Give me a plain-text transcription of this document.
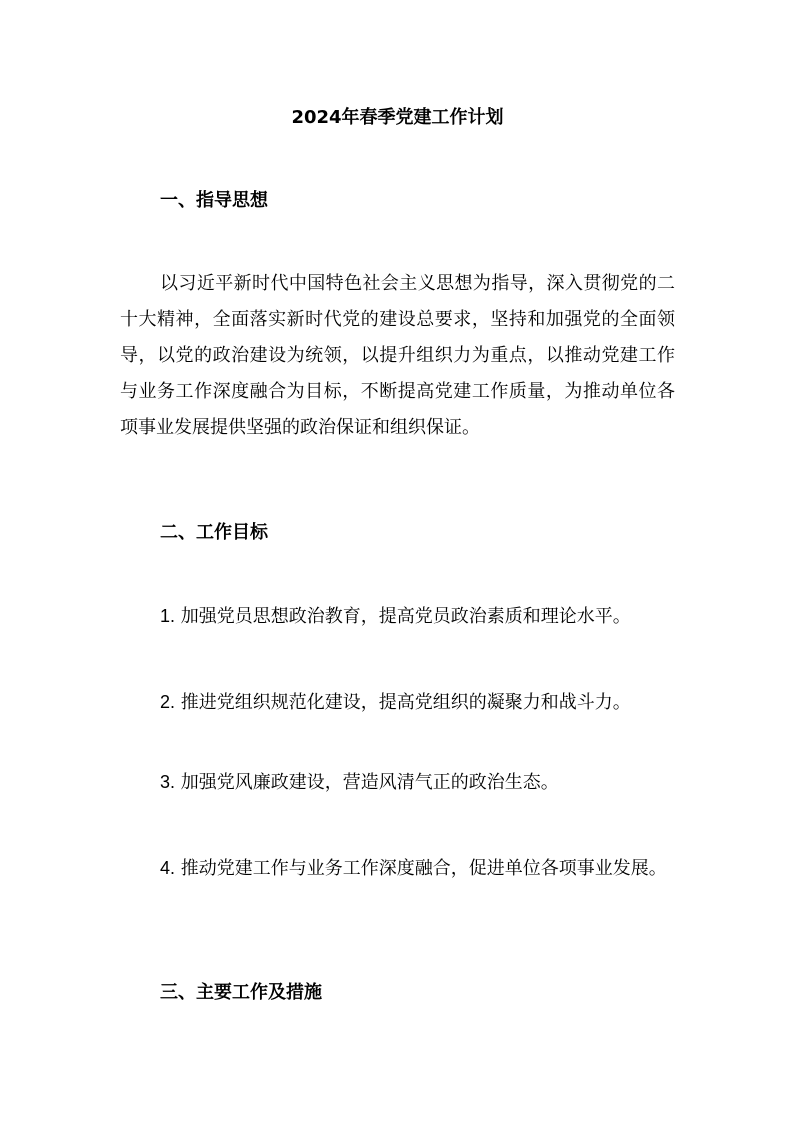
2024年春季党建工作计划
一、指导思想
以习近平新时代中国特色社会主义思想为指导，深入贯彻党的二十大精神，全面落实新时代党的建设总要求，坚持和加强党的全面领导，以党的政治建设为统领，以提升组织力为重点，以推动党建工作与业务工作深度融合为目标，不断提高党建工作质量，为推动单位各项事业发展提供坚强的政治保证和组织保证。
二、工作目标
1. 加强党员思想政治教育，提高党员政治素质和理论水平。
2. 推进党组织规范化建设，提高党组织的凝聚力和战斗力。
3. 加强党风廉政建设，营造风清气正的政治生态。
4. 推动党建工作与业务工作深度融合，促进单位各项事业发展。
三、主要工作及措施
